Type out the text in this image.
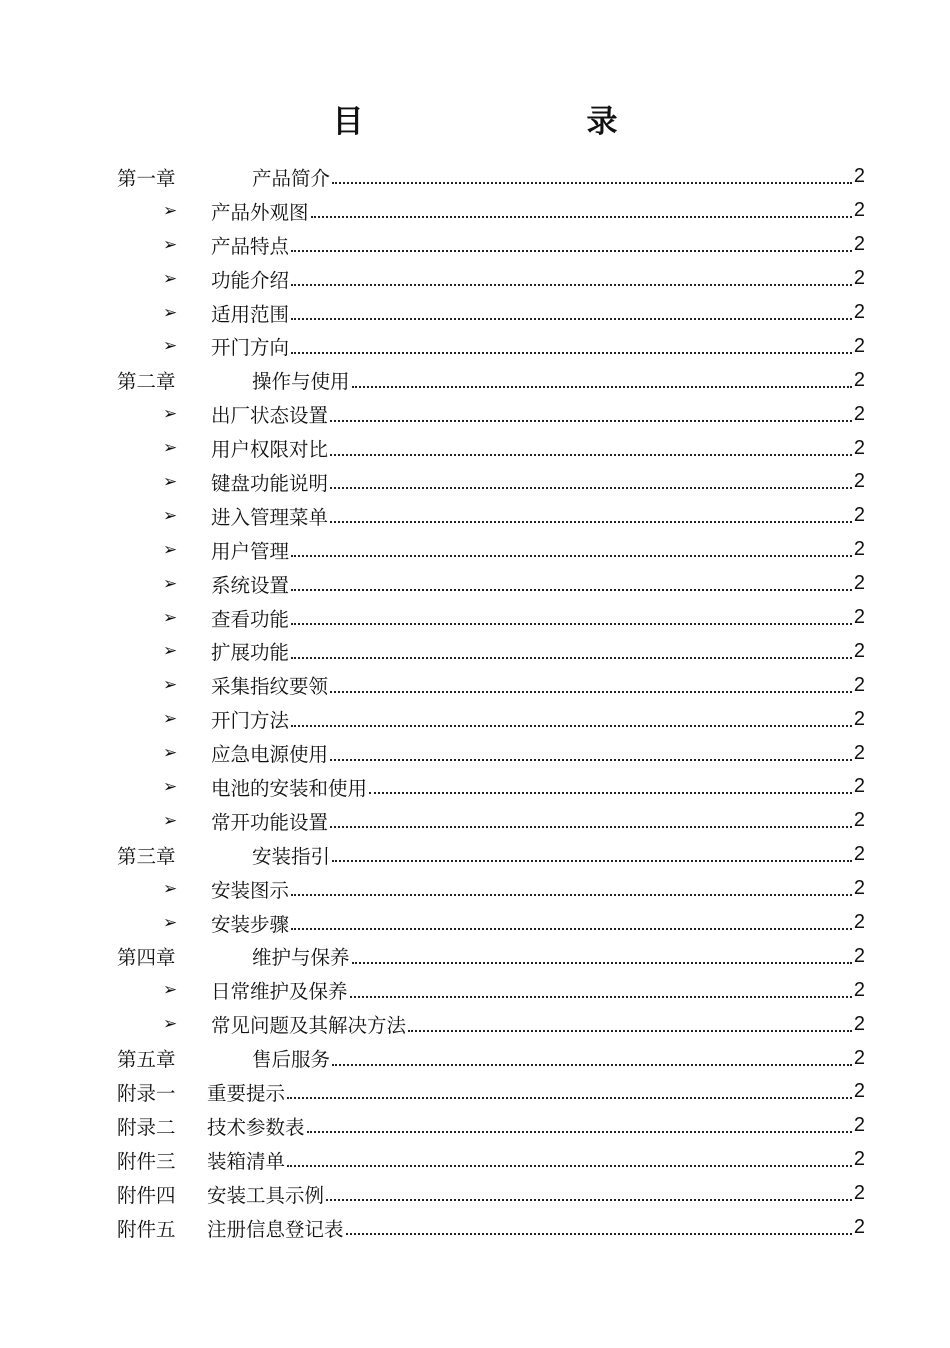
目　录
第一章	产品简介	2
➢	产品外观图	2
➢	产品特点	2
➢	功能介绍	2
➢	适用范围	2
➢	开门方向	2
第二章	操作与使用	2
➢	出厂状态设置	2
➢	用户权限对比	2
➢	键盘功能说明	2
➢	进入管理菜单	2
➢	用户管理	2
➢	系统设置	2
➢	查看功能	2
➢	扩展功能	2
➢	采集指纹要领	2
➢	开门方法	2
➢	应急电源使用	2
➢	电池的安装和使用	2
➢	常开功能设置	2
第三章	安装指引	2
➢	安装图示	2
➢	安装步骤	2
第四章	维护与保养	2
➢	日常维护及保养	2
➢	常见问题及其解决方法	2
第五章	售后服务	2
附录一	重要提示	2
附录二	技术参数表	2
附件三	装箱清单	2
附件四	安装工具示例	2
附件五	注册信息登记表	2
